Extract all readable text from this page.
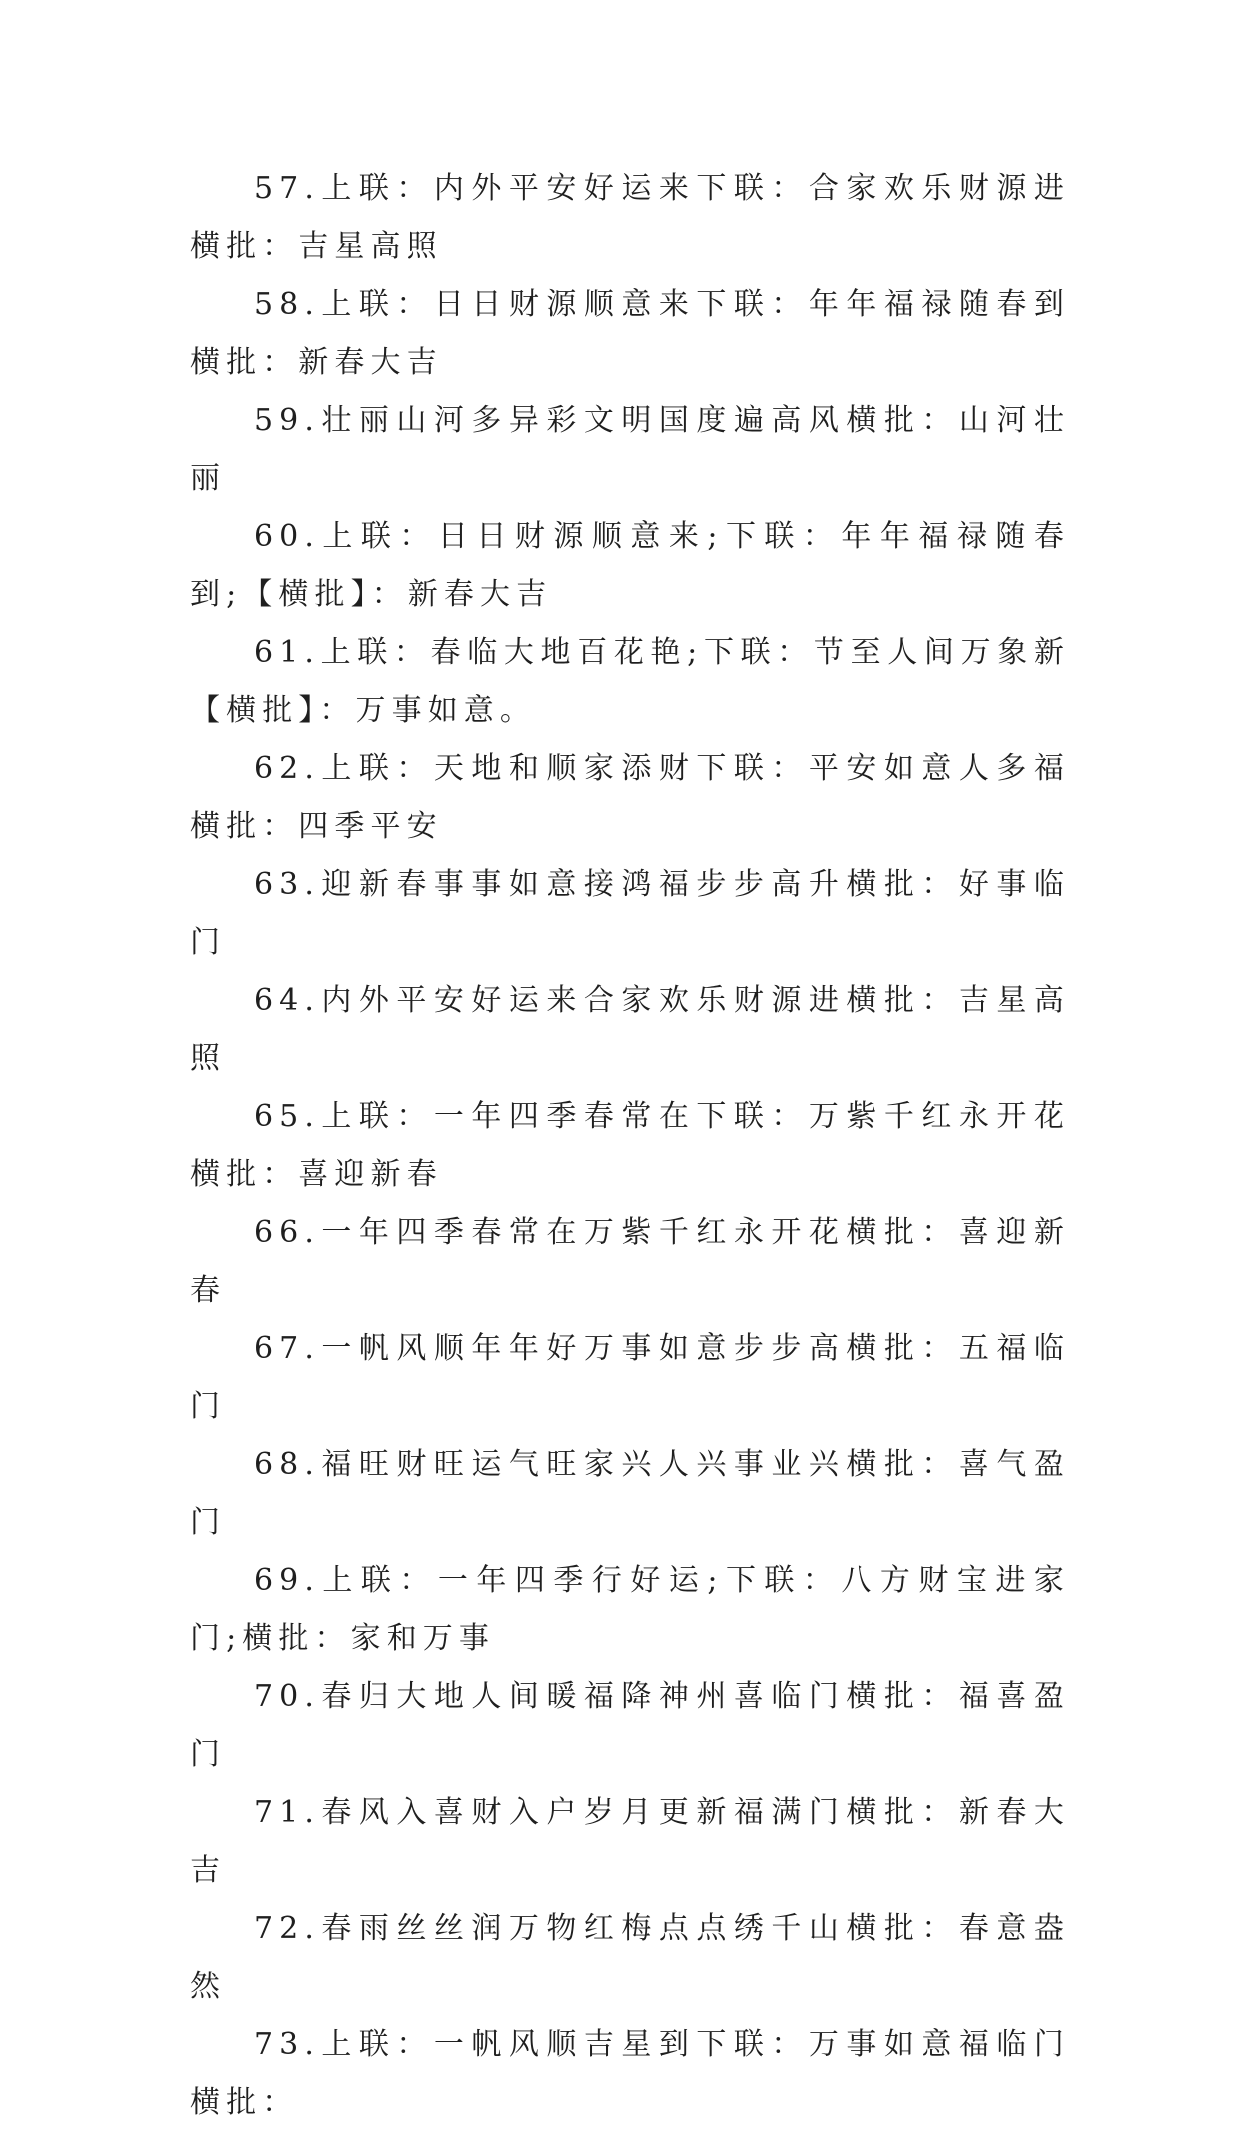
57.上联：内外平安好运来下联：合家欢乐财源进横批：吉星高照

58.上联：日日财源顺意来下联：年年福禄随春到横批：新春大吉

59.壮丽山河多异彩文明国度遍高风横批：山河壮丽

60.上联：日日财源顺意来;下联：年年福禄随春到;【横批】：新春大吉

61.上联：春临大地百花艳;下联：节至人间万象新【横批】：万事如意。

62.上联：天地和顺家添财下联：平安如意人多福横批：四季平安

63.迎新春事事如意接鸿福步步高升横批：好事临门

64.内外平安好运来合家欢乐财源进横批：吉星高照

65.上联：一年四季春常在下联：万紫千红永开花横批：喜迎新春

66.一年四季春常在万紫千红永开花横批：喜迎新春

67.一帆风顺年年好万事如意步步高横批：五福临门

68.福旺财旺运气旺家兴人兴事业兴横批：喜气盈门

69.上联：一年四季行好运;下联：八方财宝进家门;横批：家和万事

70.春归大地人间暖福降神州喜临门横批：福喜盈门

71.春风入喜财入户岁月更新福满门横批：新春大吉

72.春雨丝丝润万物红梅点点绣千山横批：春意盎然

73.上联：一帆风顺吉星到下联：万事如意福临门横批：
